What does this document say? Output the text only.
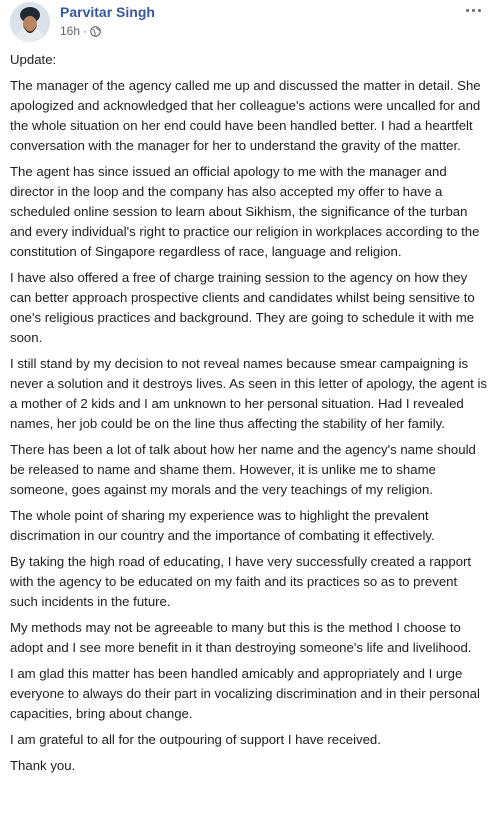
Parvitar Singh
16h ·

Update:

The manager of the agency called me up and discussed the matter in detail. She apologized and acknowledged that her colleague's actions were uncalled for and the whole situation on her end could have been handled better. I had a heartfelt conversation with the manager for her to understand the gravity of the matter.

The agent has since issued an official apology to me with the manager and director in the loop and the company has also accepted my offer to have a scheduled online session to learn about Sikhism, the significance of the turban and every individual's right to practice our religion in workplaces according to the constitution of Singapore regardless of race, language and religion.

I have also offered a free of charge training session to the agency on how they can better approach prospective clients and candidates whilst being sensitive to one's religious practices and background. They are going to schedule it with me soon.

I still stand by my decision to not reveal names because smear campaigning is never a solution and it destroys lives. As seen in this letter of apology, the agent is a mother of 2 kids and I am unknown to her personal situation. Had I revealed names, her job could be on the line thus affecting the stability of her family.

There has been a lot of talk about how her name and the agency's name should be released to name and shame them. However, it is unlike me to shame someone, goes against my morals and the very teachings of my religion.

The whole point of sharing my experience was to highlight the prevalent discrimation in our country and the importance of combating it effectively.

By taking the high road of educating, I have very successfully created a rapport with the agency to be educated on my faith and its practices so as to prevent such incidents in the future.

My methods may not be agreeable to many but this is the method I choose to adopt and I see more benefit in it than destroying someone's life and livelihood.

I am glad this matter has been handled amicably and appropriately and I urge everyone to always do their part in vocalizing discrimination and in their personal capacities, bring about change.

I am grateful to all for the outpouring of support I have received.

Thank you.
